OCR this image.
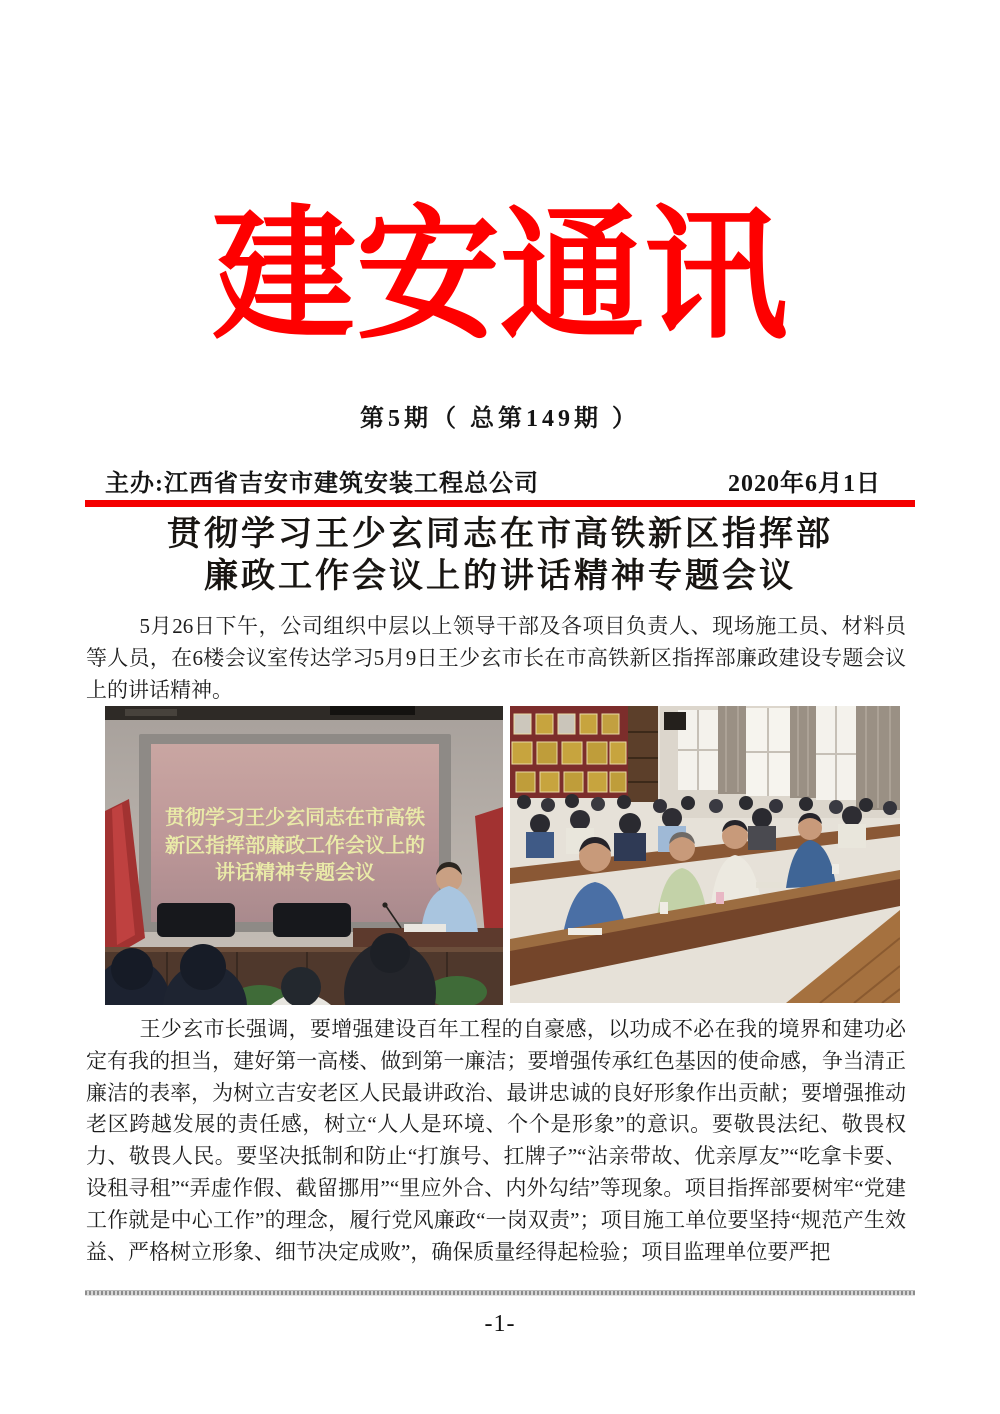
建安通讯
第5期（ 总第149期 ）
主办:江西省吉安市建筑安装工程总公司	2020年6月1日
贯彻学习王少玄同志在市高铁新区指挥部
廉政工作会议上的讲话精神专题会议

5月26日下午，公司组织中层以上领导干部及各项目负责人、现场施工员、材料员等人员，在6楼会议室传达学习5月9日王少玄市长在市高铁新区指挥部廉政建设专题会议上的讲话精神。

贯彻学习王少玄同志在市高铁
新区指挥部廉政工作会议上的
讲话精神专题会议

王少玄市长强调，要增强建设百年工程的自豪感，以功成不必在我的境界和建功必定有我的担当，建好第一高楼、做到第一廉洁；要增强传承红色基因的使命感，争当清正廉洁的表率，为树立吉安老区人民最讲政治、最讲忠诚的良好形象作出贡献；要增强推动老区跨越发展的责任感，树立“人人是环境、个个是形象”的意识。要敬畏法纪、敬畏权力、敬畏人民。要坚决抵制和防止“打旗号、扛牌子”“沾亲带故、优亲厚友”“吃拿卡要、设租寻租”“弄虚作假、截留挪用”“里应外合、内外勾结”等现象。项目指挥部要树牢“党建工作就是中心工作”的理念，履行党风廉政“一岗双责”；项目施工单位要坚持“规范产生效益、严格树立形象、细节决定成败”，确保质量经得起检验；项目监理单位要严把

-1-
